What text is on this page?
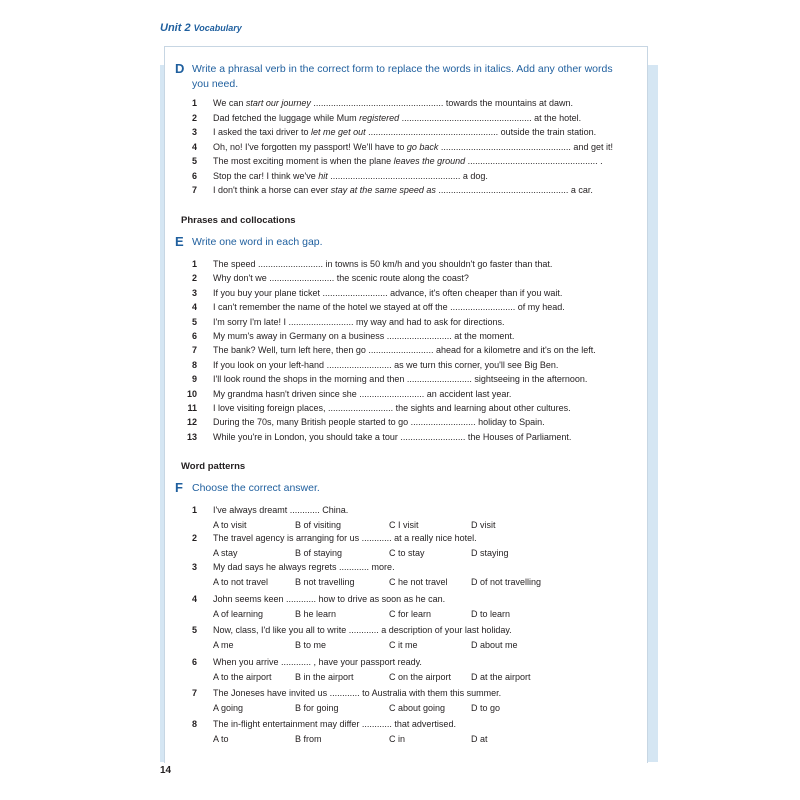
Unit 2 Vocabulary
D Write a phrasal verb in the correct form to replace the words in italics. Add any other words you need.
1 We can start our journey .................................................... towards the mountains at dawn.
2 Dad fetched the luggage while Mum registered .................................................... at the hotel.
3 I asked the taxi driver to let me get out .................................................... outside the train station.
4 Oh, no! I've forgotten my passport! We'll have to go back .................................................... and get it!
5 The most exciting moment is when the plane leaves the ground .................................................... .
6 Stop the car! I think we've hit .................................................... a dog.
7 I don't think a horse can ever stay at the same speed as .................................................... a car.
Phrases and collocations
E Write one word in each gap.
1 The speed .......................... in towns is 50 km/h and you shouldn't go faster than that.
2 Why don't we .......................... the scenic route along the coast?
3 If you buy your plane ticket .......................... advance, it's often cheaper than if you wait.
4 I can't remember the name of the hotel we stayed at off the .......................... of my head.
5 I'm sorry I'm late! I .......................... my way and had to ask for directions.
6 My mum's away in Germany on a business .......................... at the moment.
7 The bank? Well, turn left here, then go .......................... ahead for a kilometre and it's on the left.
8 If you look on your left-hand .......................... as we turn this corner, you'll see Big Ben.
9 I'll look round the shops in the morning and then .......................... sightseeing in the afternoon.
10 My grandma hasn't driven since she .......................... an accident last year.
11 I love visiting foreign places, .......................... the sights and learning about other cultures.
12 During the 70s, many British people started to go .......................... holiday to Spain.
13 While you're in London, you should take a tour .......................... the Houses of Parliament.
Word patterns
F Choose the correct answer.
1 I've always dreamt ............ China.
A to visit	B of visiting	C I visit	D visit
2 The travel agency is arranging for us ............ at a really nice hotel.
A stay	B of staying	C to stay	D staying
3 My dad says he always regrets ............ more.
A to not travel	B not travelling	C he not travel	D of not travelling
4 John seems keen ............ how to drive as soon as he can.
A of learning	B he learn	C for learn	D to learn
5 Now, class, I'd like you all to write ............ a description of your last holiday.
A me	B to me	C it me	D about me
6 When you arrive ............ , have your passport ready.
A to the airport	B in the airport	C on the airport D at the airport
7 The Joneses have invited us ............ to Australia with them this summer.
A going	B for going	C about going	D to go
8 The in-flight entertainment may differ ............ that advertised.
A to	B from	C in	D at
14
